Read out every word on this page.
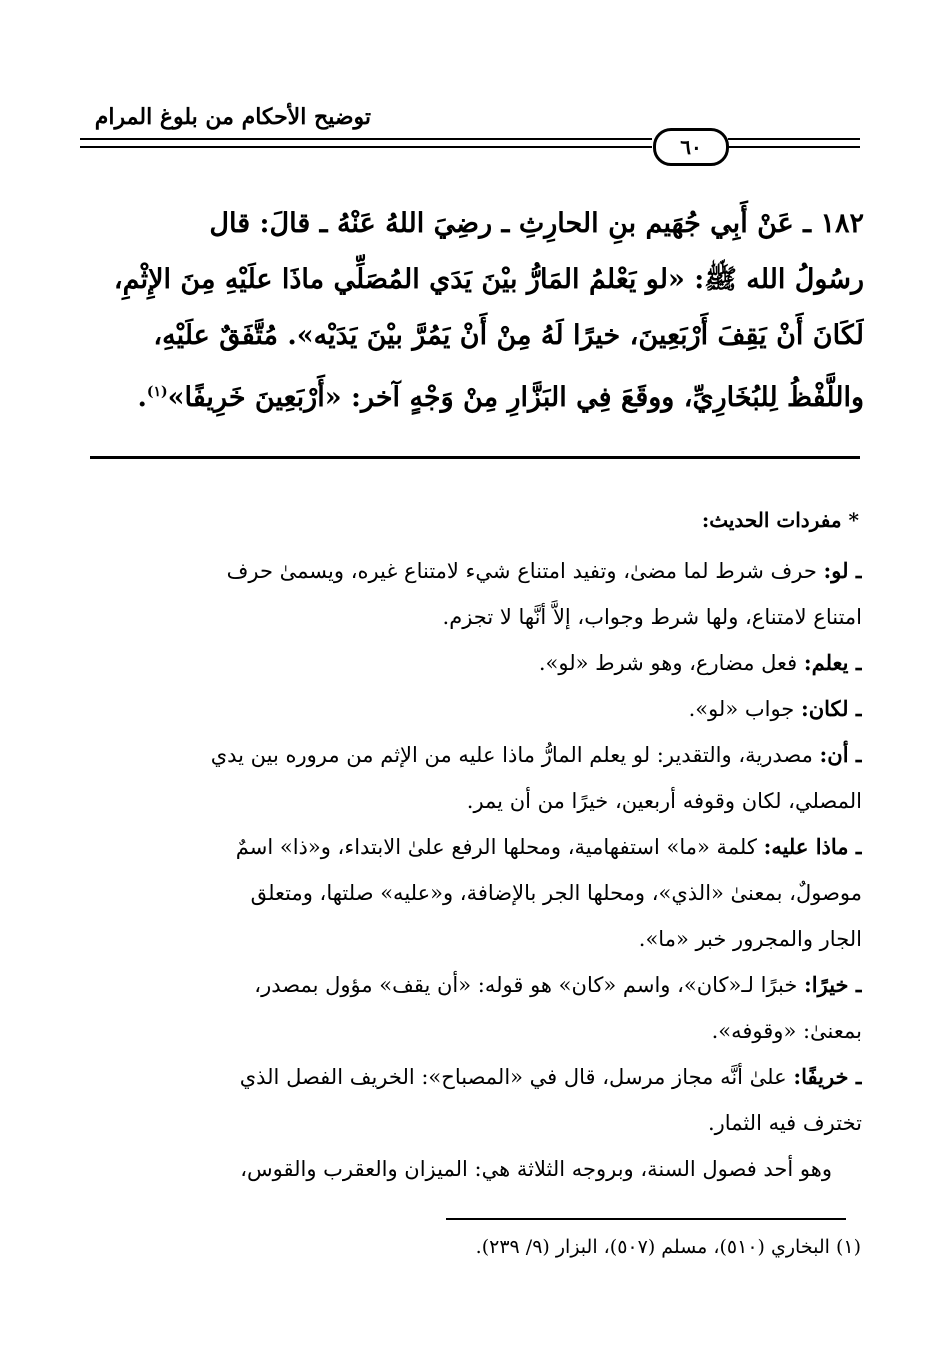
توضيح الأحكام من بلوغ المرام
٦٠

١٨٢ ـ عَنْ أَبِي جُهَيم بنِ الحارِثِ ـ رضِيَ اللهُ عَنْهُ ـ قالَ: قال

رسُولُ الله ﷺ: «لو يَعْلمُ المَارُّ بيْنَ يَدَي المُصَلِّي ماذَا علَيْهِ مِنَ الإِثْمِ،

لَكَانَ أَنْ يَقِفَ أَرْبَعِينَ، خيرًا لَهُ مِنْ أَنْ يَمُرَّ بيْنَ يَدَيْه». مُتَّفَقٌ علَيْهِ،

واللَّفْظُ لِلبُخَارِيِّ، ووقَعَ فِي البَزَّارِ مِنْ وَجْهٍ آخر: «أَرْبَعِينَ خَرِيفًا»$^{(١)}$.

* مفردات الحديث:

ـ لو: حرف شرط لما مضىٰ، وتفيد امتناع شيء لامتناع غيره، ويسمىٰ حرف

امتناع لامتناع، ولها شرط وجواب، إلاَّ أنَّها لا تجزم.

ـ يعلم: فعل مضارع، وهو شرط «لو».

ـ لكان: جواب «لو».

ـ أن: مصدرية، والتقدير: لو يعلم المارُّ ماذا عليه من الإثم من مروره بين يدي

المصلي، لكان وقوفه أربعين، خيرًا من أن يمر.

ـ ماذا عليه: كلمة «ما» استفهامية، ومحلها الرفع علىٰ الابتداء، و«ذا» اسمٌ

موصولٌ، بمعنىٰ «الذي»، ومحلها الجر بالإضافة، و«عليه» صلتها، ومتعلق

الجار والمجرور خبر «ما».

ـ خيرًا: خبرًا لـ«كان»، واسم «كان» هو قوله: «أن يقف» مؤول بمصدر،

بمعنىٰ: «وقوفه».

ـ خريفًا: علىٰ أنَّه مجاز مرسل، قال في «المصباح»: الخريف الفصل الذي

تخترف فيه الثمار.

وهو أحد فصول السنة، وبروجه الثلاثة هي: الميزان والعقرب والقوس،

(١) البخاري (٥١٠)، مسلم (٥٠٧)، البزار (٩/ ٢٣٩).
